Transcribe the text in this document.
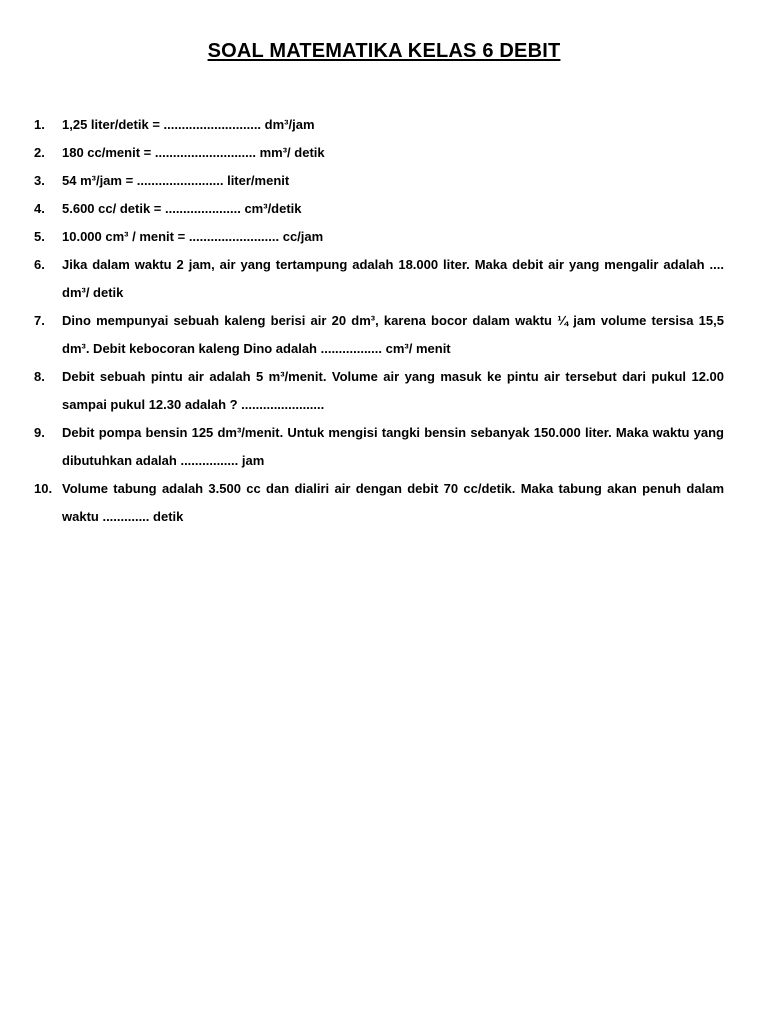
SOAL MATEMATIKA KELAS 6 DEBIT
1. 1,25 liter/detik = ........................... dm³/jam
2. 180 cc/menit = ............................ mm³/ detik
3. 54 m³/jam = ........................ liter/menit
4. 5.600 cc/ detik = ..................... cm³/detik
5. 10.000 cm³ / menit = ......................... cc/jam
6. Jika dalam waktu 2 jam, air yang tertampung adalah 18.000 liter. Maka debit air yang mengalir adalah .... dm³/ detik
7. Dino mempunyai sebuah kaleng berisi air 20 dm³, karena bocor dalam waktu ¼ jam volume tersisa 15,5 dm³. Debit kebocoran kaleng Dino adalah ................. cm³/ menit
8. Debit sebuah pintu air adalah 5 m³/menit. Volume air yang masuk ke pintu air tersebut dari pukul 12.00 sampai pukul 12.30 adalah ? .......................
9. Debit pompa bensin 125 dm³/menit. Untuk mengisi tangki bensin sebanyak 150.000 liter. Maka waktu yang dibutuhkan adalah ................ jam
10. Volume tabung adalah 3.500 cc dan dialiri air dengan debit 70 cc/detik. Maka tabung akan penuh dalam waktu ............. detik
